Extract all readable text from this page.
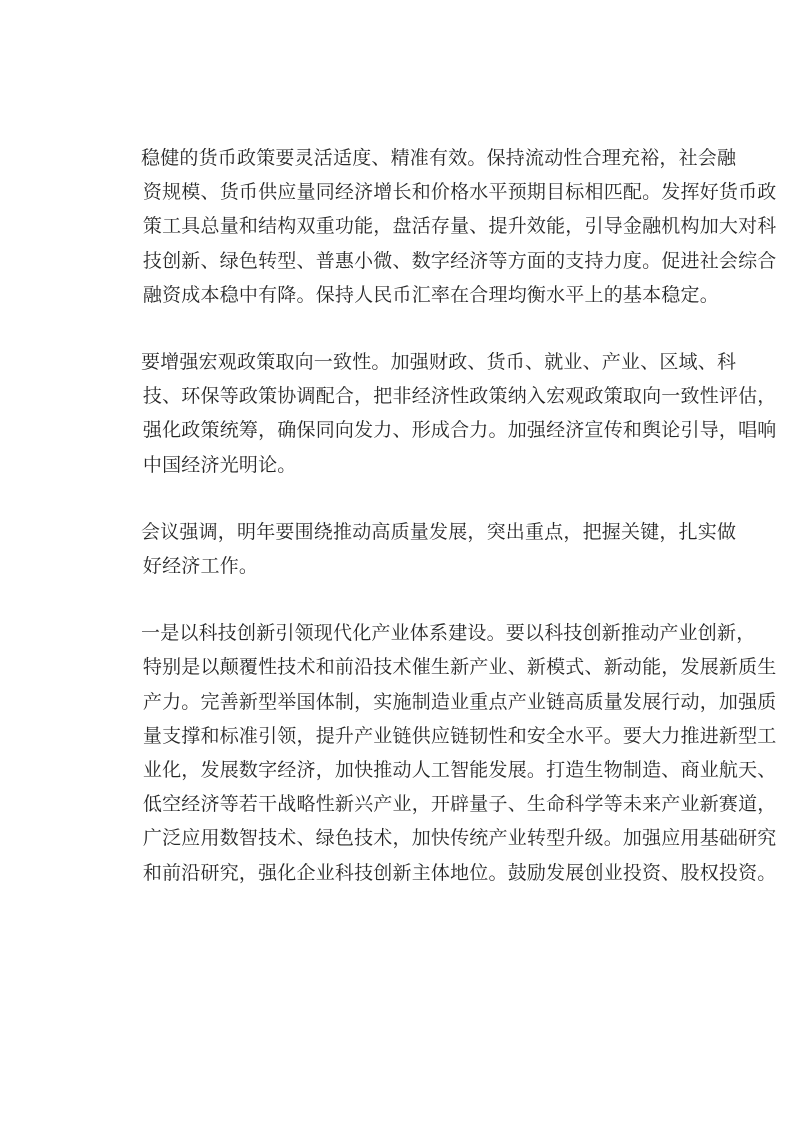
稳健的货币政策要灵活适度、精准有效。保持流动性合理充裕，社会融
资规模、货币供应量同经济增长和价格水平预期目标相匹配。发挥好货币政
策工具总量和结构双重功能，盘活存量、提升效能，引导金融机构加大对科
技创新、绿色转型、普惠小微、数字经济等方面的支持力度。促进社会综合
融资成本稳中有降。保持人民币汇率在合理均衡水平上的基本稳定。

要增强宏观政策取向一致性。加强财政、货币、就业、产业、区域、科
技、环保等政策协调配合，把非经济性政策纳入宏观政策取向一致性评估，
强化政策统筹，确保同向发力、形成合力。加强经济宣传和舆论引导，唱响
中国经济光明论。

会议强调，明年要围绕推动高质量发展，突出重点，把握关键，扎实做
好经济工作。

一是以科技创新引领现代化产业体系建设。要以科技创新推动产业创新，
特别是以颠覆性技术和前沿技术催生新产业、新模式、新动能，发展新质生
产力。完善新型举国体制，实施制造业重点产业链高质量发展行动，加强质
量支撑和标准引领，提升产业链供应链韧性和安全水平。要大力推进新型工
业化，发展数字经济，加快推动人工智能发展。打造生物制造、商业航天、
低空经济等若干战略性新兴产业，开辟量子、生命科学等未来产业新赛道，
广泛应用数智技术、绿色技术，加快传统产业转型升级。加强应用基础研究
和前沿研究，强化企业科技创新主体地位。鼓励发展创业投资、股权投资。
